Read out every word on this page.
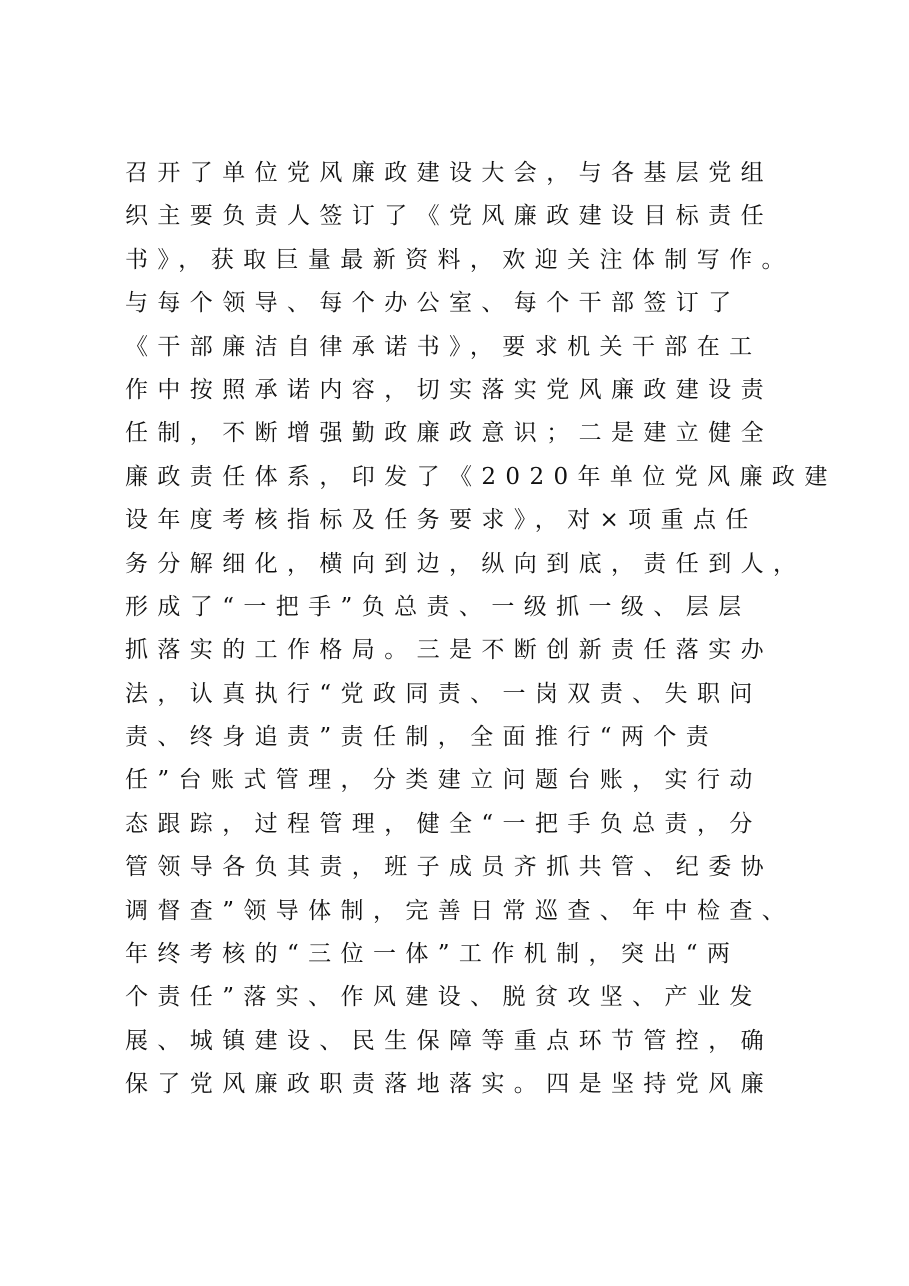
召开了单位党风廉政建设大会，与各基层党组
织主要负责人签订了《党风廉政建设目标责任
书》，获取巨量最新资料，欢迎关注体制写作。
与每个领导、每个办公室、每个干部签订了
《干部廉洁自律承诺书》，要求机关干部在工
作中按照承诺内容，切实落实党风廉政建设责
任制，不断增强勤政廉政意识；二是建立健全
廉政责任体系，印发了《2020年单位党风廉政建
设年度考核指标及任务要求》，对×项重点任
务分解细化，横向到边，纵向到底，责任到人，
形成了“一把手”负总责、一级抓一级、层层
抓落实的工作格局。三是不断创新责任落实办
法，认真执行“党政同责、一岗双责、失职问
责、终身追责”责任制，全面推行“两个责
任”台账式管理，分类建立问题台账，实行动
态跟踪，过程管理，健全“一把手负总责，分
管领导各负其责，班子成员齐抓共管、纪委协
调督查”领导体制，完善日常巡查、年中检查、
年终考核的“三位一体”工作机制，突出“两
个责任”落实、作风建设、脱贫攻坚、产业发
展、城镇建设、民生保障等重点环节管控，确
保了党风廉政职责落地落实。四是坚持党风廉
